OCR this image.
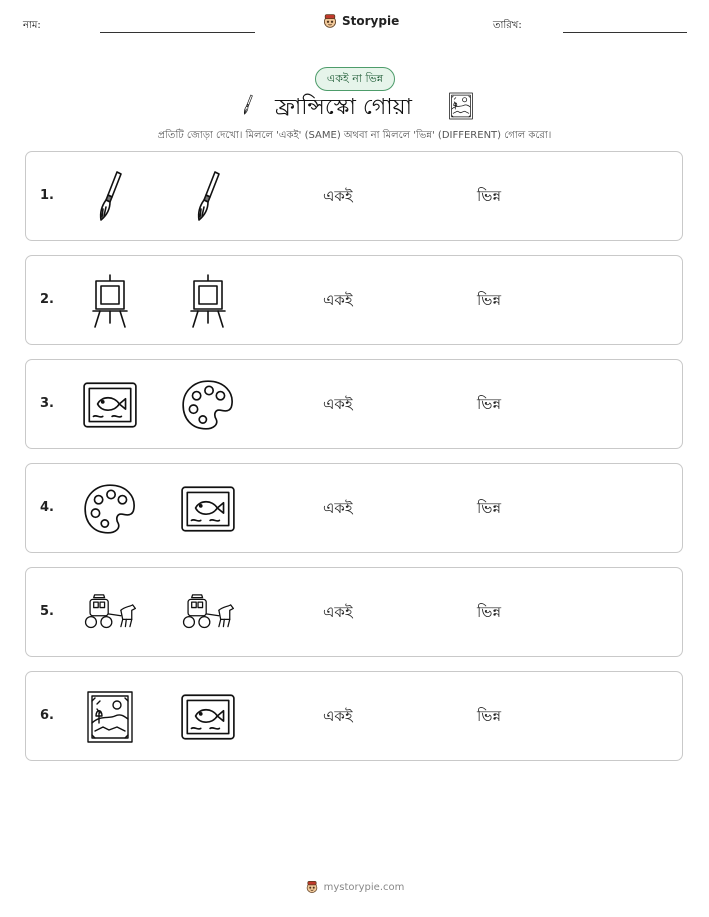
নাম:	Storypie	তারিখ:
একই না ভিন্ন
ফ্রান্সিস্কো গোয়া
প্রতিটি জোড়া দেখো। মিললে 'একই' (SAME) অথবা না মিললে 'ভিন্ন' (DIFFERENT) গোল করো।
1.	একই	ভিন্ন
2.	একই	ভিন্ন
3.	একই	ভিন্ন
4.	একই	ভিন্ন
5.	একই	ভিন্ন
6.	একই	ভিন্ন
mystorypie.com
